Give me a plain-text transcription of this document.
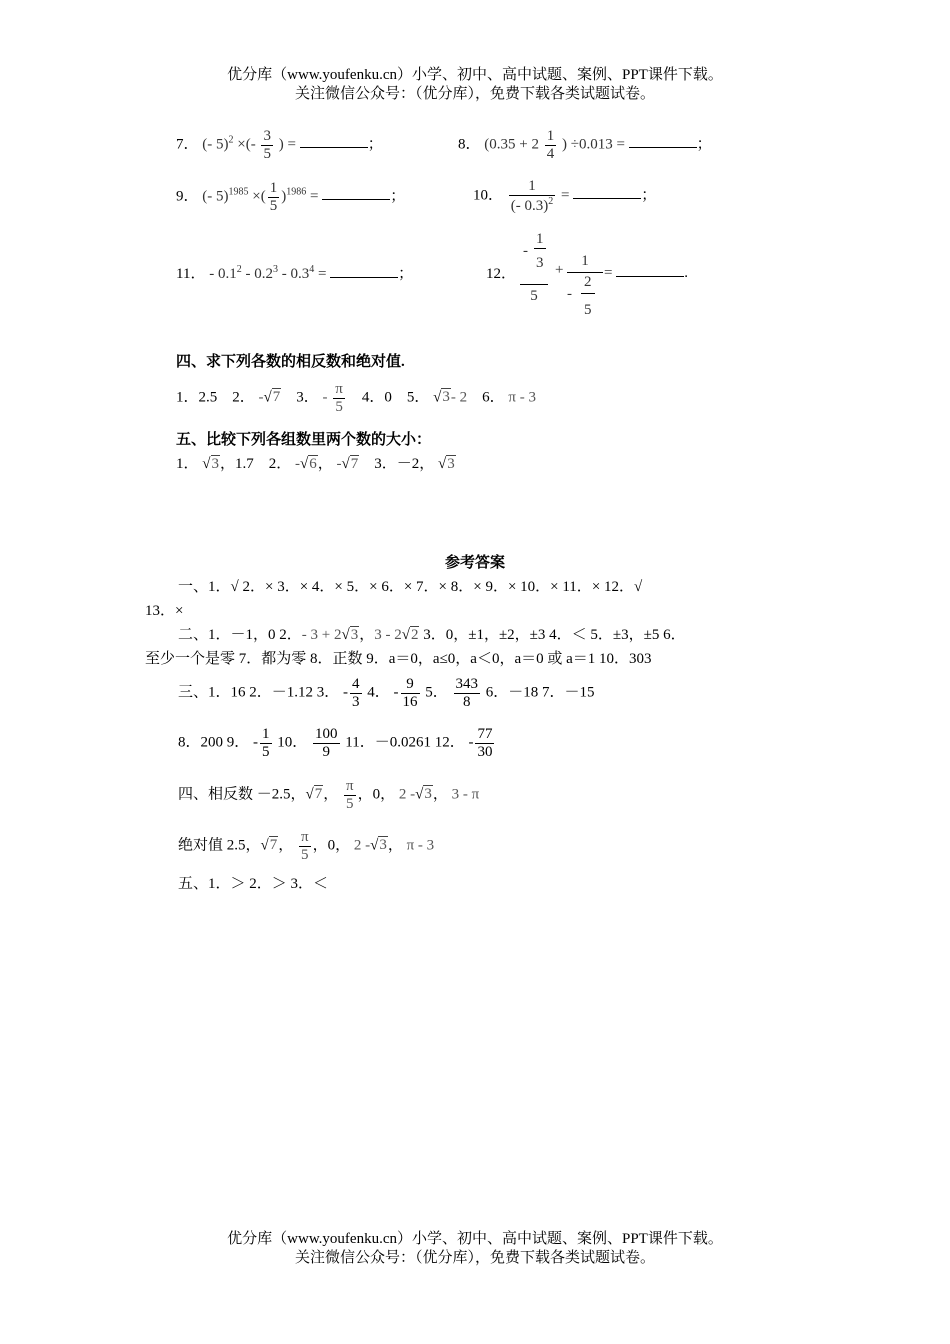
优分库（www.youfenku.cn）小学、初中、高中试题、案例、PPT课件下载。
关注微信公众号：（优分库），免费下载各类试题试卷。
7． (- 5)$^2$ ×(- $\frac{3}{5}$ ) =	；	8． ($0.35 + 2 \frac{1}{4}$ ) ÷0.013 =	；
9． (- 5)$^{1985}$ ×( $\frac{1}{5} )^{1986}$ =	；	10． $\frac{1}{(- 0.3)^2}$ =	；
11． - $0.1^2 - 0.2^3 - 0.3^4$ =	；	12． -
1
3
5 + 1
-
2
5 =	.
四、求下列各数的相反数和绝对值.
1．2.5 2． -√7 3． - $\frac{\pi}{5} 4$．0 5． √3- 2 6． π - 3
五、比较下列各组数里两个数的大小：
1． √3，1.7 2． -√6， -√7 3．－2， √3
参考答案
一、1．√ 2．× 3．× 4．× 5．× 6．× 7．× 8．× 9．× 10．× 11．× 12．√
13．×
二、1．－1，0 2．- 3 + 2√3，3 - 2√2 3．0，±1，±2，±3 4．＜ 5．±3，±5 6．
至少一个是零 7．都为零 8．正数 9．a＝0，a≤0，a＜0，a＝0 或 a＝1 10．303
三、1．16 2．－1.12 3． - $\frac{4}{3} 4$． - $\frac{9}{16} 5$． $\frac{343}{8} 6$．－18 7．－15
8．200 9． - $\frac{1}{5} 10$． $\frac{100}{9} 11$．－0.0261 12． - $\frac{77}{30}$
四、相反数 －2.5，√7， $\frac{\pi}{5}$ ，0， 2 -√3， 3 - π
绝对值 2.5，√7， $\frac{\pi}{5}$ ，0， 2 -√3， π - 3
五、1．＞ 2．＞ 3．＜
优分库（www.youfenku.cn）小学、初中、高中试题、案例、PPT课件下载。
关注微信公众号：（优分库），免费下载各类试题试卷。
